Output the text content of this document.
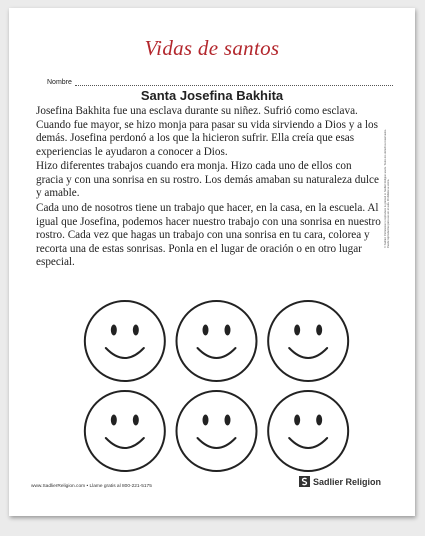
Vidas de santos
Nombre
Santa Josefina Bakhita

Josefina Bakhita fue una esclava durante su niñez. Sufrió como esclava. Cuando fue mayor, se hizo monja para pasar su vida sirviendo a Dios y a los demás. Josefina perdonó a los que la hicieron sufrir. Ella creía que esas experiencias le ayudaron a conocer a Dios.

Hizo diferentes trabajos cuando era monja. Hizo cada uno de ellos con gracia y con una sonrisa en su rostro. Los demás amaban su naturaleza dulce y amable.

Cada uno de nosotros tiene un trabajo que hacer, en la casa, en la escuela. Al igual que Josefina, podemos hacer nuestro trabajo con una sonrisa en nuestro rostro. Cada vez que hagas un trabajo con una sonrisa en tu cara, colorea y recorta una de estas sonrisas. Ponla en el lugar de oración o en otro lugar especial.

© Sadlier. Permission to reproduce is granted to Sadlier Religion users. Todos los derechos reservados. Puede reproducirse para uso en el aula. Prohibida su venta.
www.SadlierReligion.com • Llame gratis al 800-221-5175	Sadlier Religion
